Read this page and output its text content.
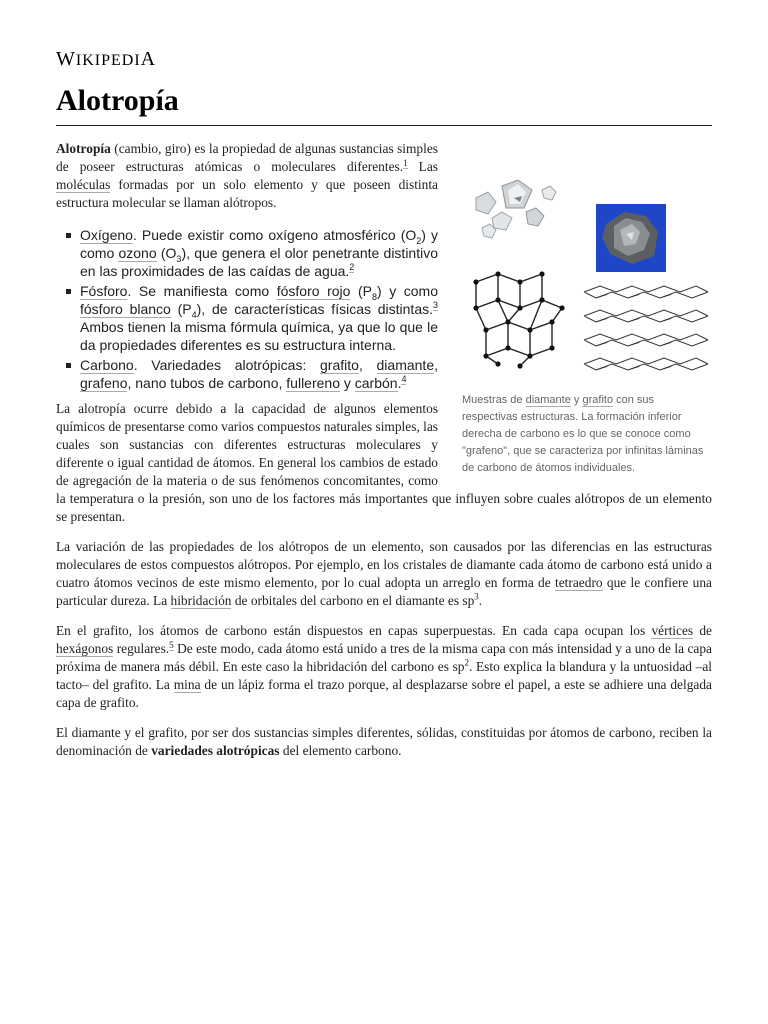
WIKIPEDIA
Alotropía
Muestras de diamante y grafito con sus respectivas estructuras. La formación inferior derecha de carbono es lo que se conoce como "grafeno", que se caracteriza por infinitas láminas de carbono de átomos individuales.

Alotropía (cambio, giro) es la propiedad de algunas sustancias simples de poseer estructuras atómicas o moleculares diferentes.$^1$ Las moléculas formadas por un solo elemento y que poseen distinta estructura molecular se llaman alótropos.

Oxígeno. Puede existir como oxígeno atmosférico $(O_2)$ y como ozono $(O_3)$, que genera el olor penetrante distintivo en las proximidades de las caídas de agua.$^2$
Fósforo. Se manifiesta como fósforo rojo $(P_8)$ y como fósforo blanco $(P_4)$, de características físicas distintas.$^3$ Ambos tienen la misma fórmula química, ya que lo que le da propiedades diferentes es su estructura interna.
Carbono. Variedades alotrópicas: grafito, diamante, grafeno, nano tubos de carbono, fullereno y carbón.$^4$

La alotropía ocurre debido a la capacidad de algunos elementos químicos de presentarse como varios compuestos naturales simples, las cuales son sustancias con diferentes estructuras moleculares y diferente o igual cantidad de átomos. En general los cambios de estado de agregación de la materia o de sus fenómenos concomitantes, como la temperatura o la presión, son uno de los factores más importantes que influyen sobre cuales alótropos de un elemento se presentan.

La variación de las propiedades de los alótropos de un elemento, son causados por las diferencias en las estructuras moleculares de estos compuestos alótropos. Por ejemplo, en los cristales de diamante cada átomo de carbono está unido a cuatro átomos vecinos de este mismo elemento, por lo cual adopta un arreglo en forma de tetraedro que le confiere una particular dureza. La hibridación de orbitales del carbono en el diamante es $sp^3$.

En el grafito, los átomos de carbono están dispuestos en capas superpuestas. En cada capa ocupan los vértices de hexágonos regulares.$^5$ De este modo, cada átomo está unido a tres de la misma capa con más intensidad y a uno de la capa próxima de manera más débil. En este caso la hibridación del carbono es $sp^2$. Esto explica la blandura y la untuosidad –al tacto– del grafito. La mina de un lápiz forma el trazo porque, al desplazarse sobre el papel, a este se adhiere una delgada capa de grafito.

El diamante y el grafito, por ser dos sustancias simples diferentes, sólidas, constituidas por átomos de carbono, reciben la denominación de variedades alotrópicas del elemento carbono.
